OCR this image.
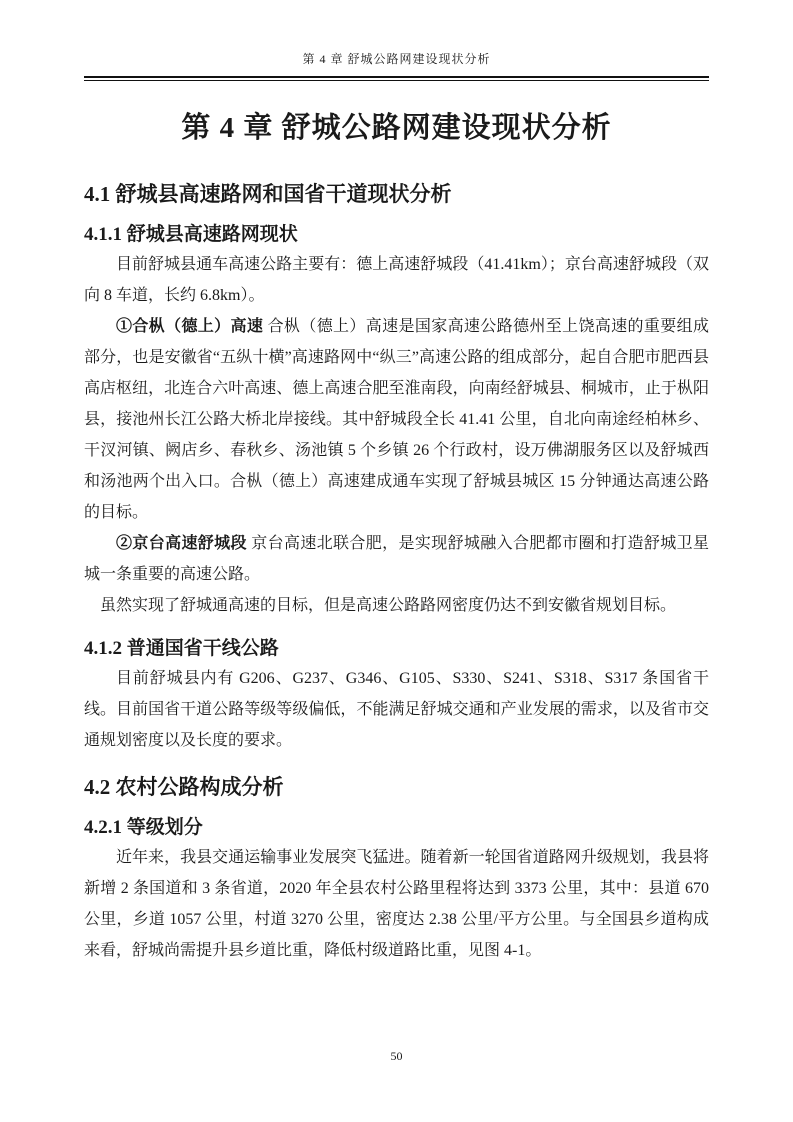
第 4 章 舒城公路网建设现状分析
第 4 章 舒城公路网建设现状分析
4.1 舒城县高速路网和国省干道现状分析
4.1.1 舒城县高速路网现状

目前舒城县通车高速公路主要有：德上高速舒城段（41.41km）；京台高速舒城段（双向 8 车道，长约 6.8km）。

①合枞（德上）高速 合枞（德上）高速是国家高速公路德州至上饶高速的重要组成部分，也是安徽省“五纵十横”高速路网中“纵三”高速公路的组成部分，起自合肥市肥西县高店枢纽，北连合六叶高速、德上高速合肥至淮南段，向南经舒城县、桐城市，止于枞阳县，接池州长江公路大桥北岸接线。其中舒城段全长 41.41 公里，自北向南途经柏林乡、干汊河镇、阙店乡、春秋乡、汤池镇 5 个乡镇 26 个行政村，设万佛湖服务区以及舒城西和汤池两个出入口。合枞（德上）高速建成通车实现了舒城县城区 15 分钟通达高速公路的目标。

②京台高速舒城段 京台高速北联合肥，是实现舒城融入合肥都市圈和打造舒城卫星城一条重要的高速公路。

虽然实现了舒城通高速的目标，但是高速公路路网密度仍达不到安徽省规划目标。

4.1.2 普通国省干线公路

目前舒城县内有 G206、G237、G346、G105、S330、S241、S318、S317 条国省干线。目前国省干道公路等级等级偏低，不能满足舒城交通和产业发展的需求，以及省市交通规划密度以及长度的要求。

4.2 农村公路构成分析
4.2.1 等级划分

近年来，我县交通运输事业发展突飞猛进。随着新一轮国省道路网升级规划，我县将新增 2 条国道和 3 条省道，2020 年全县农村公路里程将达到 3373 公里，其中：县道 670 公里，乡道 1057 公里，村道 3270 公里，密度达 2.38 公里/平方公里。与全国县乡道构成来看，舒城尚需提升县乡道比重，降低村级道路比重，见图 4-1。

50
